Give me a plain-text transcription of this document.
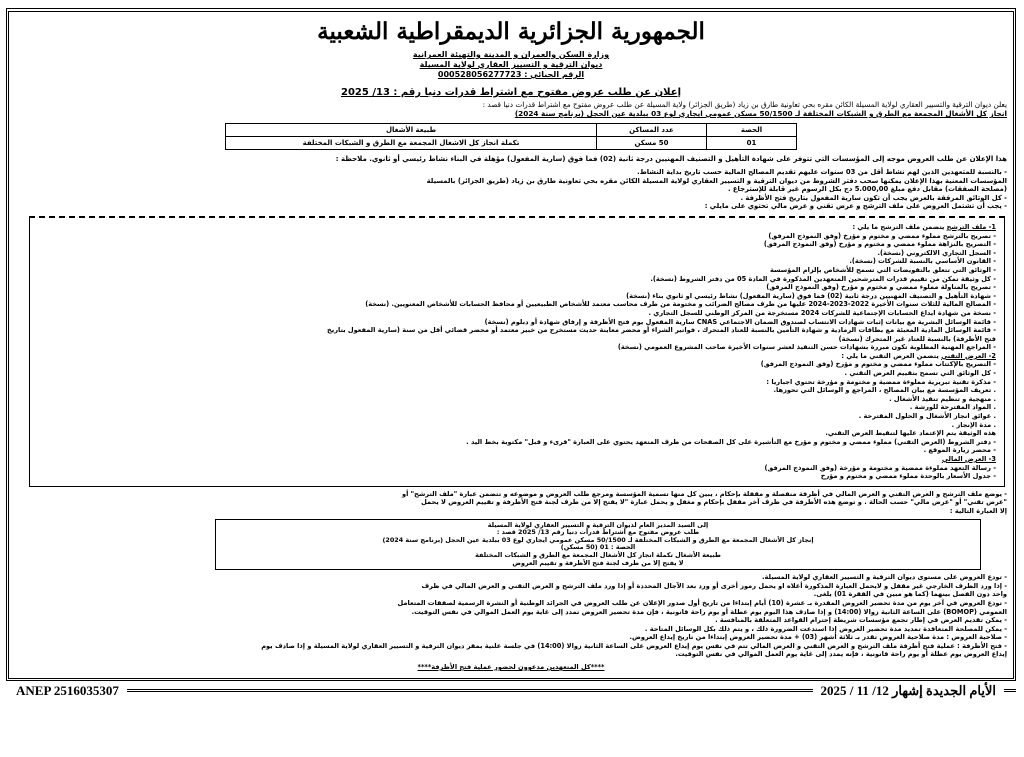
الجمهورية الجزائرية الديمقراطية الشعبية
وزارة السكن والعمران و المدينة والتهيئة العمرانية
ديوان الترقية و التسيير العقاري لولاية المسيلة
الرقم الجبائي : 000528056277723
إعلان عن طلب عروض مفتوح مع اشتراط قدرات دنيا رقم : 13/ 2025
يعلن ديوان الترقية والتسيير العقاري لولاية المسيلة الكائن مقره بحي تعاونية طارق بن زياد (طريق الجزائر) ولاية المسيلة عن طلب عروض مفتوح مع اشتراط قدرات دنيا قصد :
انجاز كل الأشغال المجمعة مع الطرق و الشبكات المختلفة لـ 50/1500 مسكن عمومي ايجاري لوع 03 ببلدية عين الحجل (برنامج سنة 2024)
الحصة	عدد المساكن	طبيعة الأشغال
01	50 مسكن	تكملة انجاز كل الاشغال المجمعة مع الطرق و الشبكات المختلفة
هذا الإعلان عن طلب العروض موجه إلى المؤسسات التي تتوفر على شهادة التأهيل و التصنيف المهنيين درجة ثانية (02) فما فوق (سارية المفعول) مؤهلة في البناء نشاط رئيسي أو ثانوي. ملاحظة :
- بالنسبة للمتعهدين الذين لهم نشاط أقل من 03 سنوات عليهم تقديم المصالح المالية حسب تاريخ بداية النشاط.
المؤسسات المعنية بهذا الإعلان يمكنها سحب دفتر الشروط من ديوان الترقية و التسيير العقاري لولاية المسيلة الكائن مقره بحي تعاونية طارق بن زياد (طريق الجزائر) بالمسيلة
(مصلحة الصفقات) مقابل دفع مبلغ 5.000,00 دج بكل الرسوم غير قابلة للإسترجاع .
- كل الوثائق المرفقة بالعرض يجب أن تكون سارية المفعول بتاريخ فتح الأظرفة .
- يجب أن تشتمل العروض على ملف الترشح و عرض تقني و عرض مالي تحتوي على مايلي :
1- ملف الترشح يتضمن ملف الترشح ما يلي :
- تصريح بالترشح مملوء ممضي و مختوم و مؤرخ (وفق النموذج المرفق)
- التصريح بالنزاهة مملوء ممضي و مختوم و مؤرخ (وفق النموذج المرفق)
- السجل التجاري الالكتروني (نسخة).
- القانون الأساسي بالنسبة للشركات (نسخة).
- الوثائق التي تتعلق بالتفويضات التي تسمح للأشخاص بإلزام المؤسسة
- كل وثيقة تمكن من تقييم قدرات المترشحين المتعهدين المذكورة في المادة 05 من دفتر الشروط (نسخة).
- تصريح بالمناولة مملوء ممضي و مختوم و مؤرخ (وفق النموذج المرفق)
- شهادة التأهيل و التصنيف المهنيين درجة ثانية (02) فما فوق (سارية المفعول) نشاط رئيسي او ثانوي بناء (نسخة)
- المصالح المالية للثلاث سنوات الأخيرة 2022-2023-2024 عليها من طرف مصالح الضرائب و مختومة من طرف محاسب معتمد للأشخاص الطبيعيين أو محافظ الحسابات للأشخاص المعنويين. (نسخة)
- نسخة من شهادة ايداع الحسابات الإجتماعية للشركات 2024 مستخرجة من المركز الوطني للسجل التجاري .
- قائمة الوسائل البشرية مع بيانات إثبات شهادات الانتساب لصندوق الضمان الاجتماعي CNAS سارية المفعول يوم فتح الأظرفة و إرفاق شهادة أو دبلوم (نسخة)
- قائمة الوسائل المادية المعبئة مع بطاقات الرمادية و شهادة التأمين بالنسبة للعتاد المتحرك ، فواتير الشراء أو محضر معاينة حديث مستخرج من خبير معتمد أو محضر قضائي أقل من سنة (سارية المفعول بتاريخ
فتح الأظرفة) بالنسبة للعتاد غير المتحرك (نسخة)
- المراجع المهنية المطلوبة تكون مبررة بشهادات حسن التنفيذ لعشر سنوات الأخيرة صاحب المشروع العمومي (نسخة)
2- العرض التقني يتضمن العرض التقني ما يلي :
- التصريح بالإكتتاب مملوء ممضي و مختوم و مؤرخ (وفق النموذج المرفق)
- كل الوثائق التي تسمح بتقييم العرض التقني .
- مذكرة تقنية تبريرية مملوءة ممضية و مختومة و مؤرخة تحتوي اجباريا :
. تعريف المؤسسة مع بيان المصالح ، المراجع و الوسائل التي تحوزها.
. منهجية و تنظيم تنفيذ الأشغال .
. المواد المقترحة للورشة .
. عوائق انجاز الأشغال و الحلول المقترحة .
. مدة الإنجاز .
هذه الوثيقة يتم الإعتماد عليها لتنقيط العرض التقني.
- دفتر الشروط (العرض التقني) مملوء ممضي و مختوم و مؤرخ مع التأشيرة على كل الصفحات من طرف المتعهد يحتوي على العبارة "قرىء و قبل" مكتوبة بخط اليد .
- محضر زيارة الموقع .
3- العرض المالي
- رسالة التعهد مملوءة ممضية و مختومة و مؤرخة (وفق النموذج المرفق)
- جدول الأسعار بالوحدة مملوء ممضي و مختوم و مؤرخ
- يوضع ملف الترشح و العرض التقني و العرض المالي في أظرفة منفصلة و مقفلة بإحكام ، يبين كل منها تسمية المؤسسة ومرجع طلب العروض و موضوعه و تتضمن عبارة "ملف الترشح" أو
"عرض تقني" أو "عرض مالي" حسب الحالة . و توضع هذه الأظرفة في ظرف آخر مقفل بإحكام و مغفل و يحمل عبارة "لا يفتح إلا من طرف لجنة فتح الأظرفة و تقييم العروض لا يحمل
إلا العبارة التالية :
إلى السيد المدير العام لديوان الترقية و التسيير العقاري لولاية المسيلة
طلب عروض مفتوح مع اشتراط قدرات دنيا رقم 13/ 2025 قصد :
إنجاز كل الأشغال المجمعة مع الطرق و الشبكات المختلفة لـ 50/1500 مسكن عمومي ايجاري لوع 03 ببلدية عين الحجل (برنامج سنة 2024)
الحصة : 01 (50 مسكن)
طبيعة الأشغال تكملة انجاز كل الأشغال المجمعة مع الطرق و الشبكات المختلفة
لا يفتح إلا من طرف لجنة فتح الأظرفة و تقييم العروض
- تودع العروض على مستوى ديوان الترقية و التسيير العقاري لولاية المسيلة.
- إذا ورد الظرف الخارجي غير مقفل و لايحمل العبارة المذكورة أعلاه او يحمل رموز أخرى أو ورد بعد الآجال المحددة أو إذا ورد ملف الترشح و العرض التقني و العرض المالي في ظرف
واحد دون الفصل بينهما (كما هو مبين في الفقرة 01) يلغى.
- تودع العروض في آخر يوم من مدة تحضير العروض المقدرة بـ عشرة (10) أيام إبتداءا من تاريخ أول صدور الإعلان عن طلب العروض في الجرائد الوطنية أو النشرة الرسمية لصفقات المتعامل
العمومي (BOMOP) على الساعة الثانية زوالا (14:00) و إذا صادف هذا اليوم يوم عطلة أو يوم راحة قانونية ، فإن مدة تحضير العروض تمدد إلى غاية يوم العمل الموالي في نفس التوقيت.
- يمكن تقديم العرض في إطار تجمع مؤسسات شريطة إحترام القواعد المتعلقة بالمنافسة .
- يمكن للمصلحة المتعاقدة تمديد مدة تحضير العروض إذا استدعت الضرورة ذلك ، و يتم ذلك بكل الوسائل المتاحة .
- صلاحية العروض : مدة صلاحية العروض تقدر بـ ثلاثة أشهر (03) + مدة تحضير العروض إبتداءا من تاريخ إيداع العروض.
- فتح الأظرفة : عملية فتح أظرفة ملف الترشح و العرض التقني و العرض المالي تتم في نفس يوم إيداع العروض على الساعة الثانية زوالا (14:00) في جلسة علنية بمقر ديوان الترقية و التسيير العقاري لولاية المسيلة و إذا صادف يوم
إيداع العروض يوم عطلة أو يوم راحة قانونية ، فإنه يمدد إلى غاية يوم العمل الموالي في نفس التوقيت.
****كل المتعهدين مدعوون لحضور عملية فتح الأظرفة****
ANEP 2516035307	الأيام الجديدة إشهار 12/ 11 / 2025
